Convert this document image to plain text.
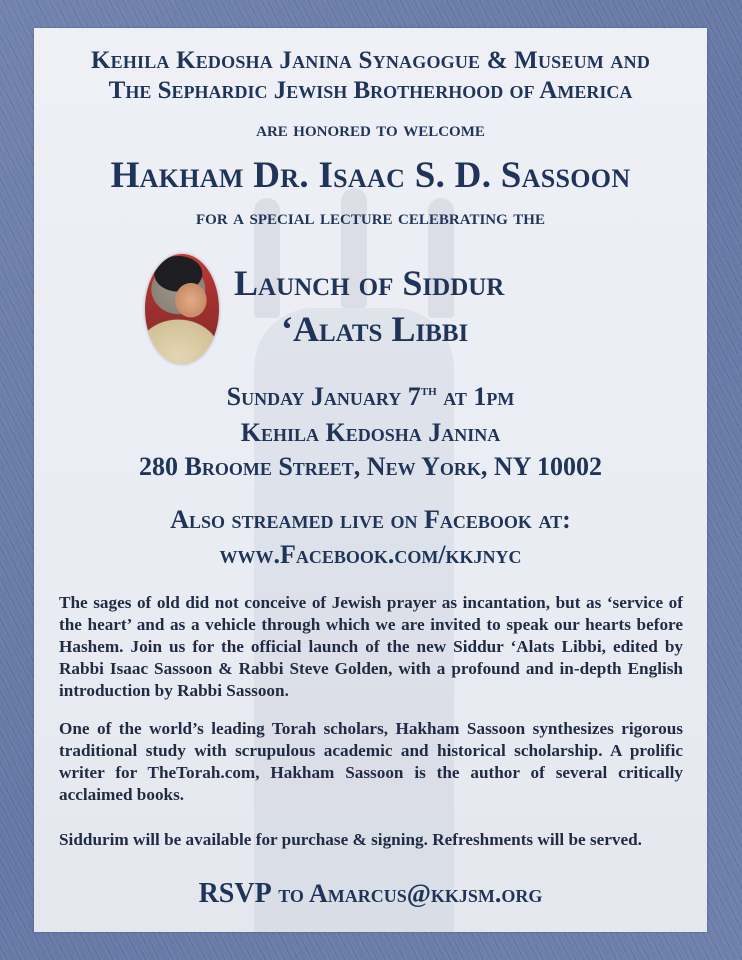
Kehila Kedosha Janina Synagogue & Museum and
The Sephardic Jewish Brotherhood of America
are honored to welcome
Hakham Dr. Isaac S. D. Sassoon
for a special lecture celebrating the
Launch of Siddur
‘Alats Libbi
Sunday January 7th at 1pm
Kehila Kedosha Janina
280 Broome Street, New York, NY 10002
Also streamed live on Facebook at:
www.Facebook.com/kkjnyc

The sages of old did not conceive of Jewish prayer as incantation, but as ‘service of the heart’ and as a vehicle through which we are invited to speak our hearts before Hashem. Join us for the official launch of the new Siddur ‘Alats Libbi, edited by Rabbi Isaac Sassoon & Rabbi Steve Golden, with a profound and in-depth English introduction by Rabbi Sassoon.

One of the world’s leading Torah scholars, Hakham Sassoon synthesizes rigorous traditional study with scrupulous academic and historical scholarship. A prolific writer for TheTorah.com, Hakham Sassoon is the author of several critically acclaimed books.

Siddurim will be available for purchase & signing. Refreshments will be served.

RSVP to Amarcus@kkjsm.org
